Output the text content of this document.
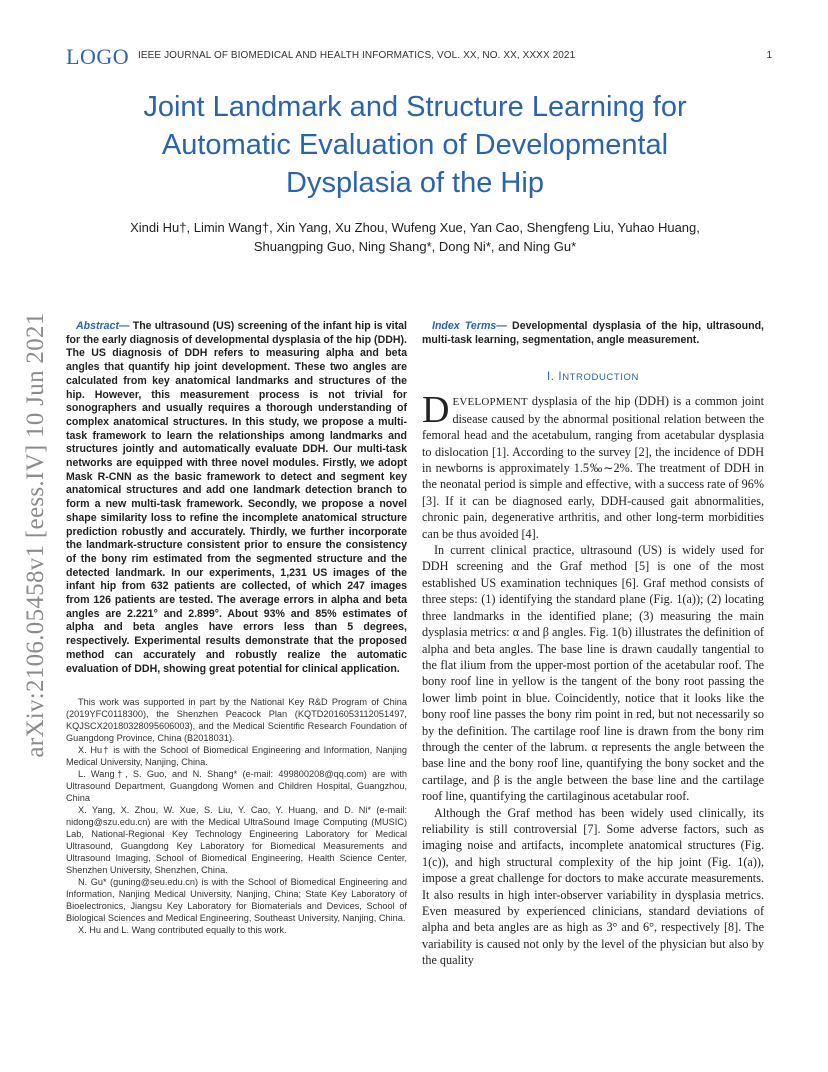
LOGO IEEE JOURNAL OF BIOMEDICAL AND HEALTH INFORMATICS, VOL. XX, NO. XX, XXXX 2021	1
Joint Landmark and Structure Learning for
Automatic Evaluation of Developmental
Dysplasia of the Hip
Xindi Hu†, Limin Wang†, Xin Yang, Xu Zhou, Wufeng Xue, Yan Cao, Shengfeng Liu, Yuhao Huang,
Shuangping Guo, Ning Shang*, Dong Ni*, and Ning Gu*
arXiv:2106.05458v1 [eess.IV] 10 Jun 2021	Abstract— The ultrasound (US) screening of the infant hip is vital for the early diagnosis of developmental dysplasia of the hip (DDH). The US diagnosis of DDH refers to measuring alpha and beta angles that quantify hip joint development. These two angles are calculated from key anatomical landmarks and structures of the hip. However, this measurement process is not trivial for sonographers and usually requires a thorough understanding of complex anatomical structures. In this study, we propose a multi-task framework to learn the relationships among landmarks and structures jointly and automatically evaluate DDH. Our multi-task networks are equipped with three novel modules. Firstly, we adopt Mask R-CNN as the basic framework to detect and segment key anatomical structures and add one landmark detection branch to form a new multi-task framework. Secondly, we propose a novel shape similarity loss to refine the incomplete anatomical structure prediction robustly and accurately. Thirdly, we further incorporate the landmark-structure consistent prior to ensure the consistency of the bony rim estimated from the segmented structure and the detected landmark. In our experiments, 1,231 US images of the infant hip from 632 patients are collected, of which 247 images from 126 patients are tested. The average errors in alpha and beta angles are 2.221° and 2.899°. About 93% and 85% estimates of alpha and beta angles have errors less than 5 degrees, respectively. Experimental results demonstrate that the proposed method can accurately and robustly realize the automatic evaluation of DDH, showing great potential for clinical application.

This work was supported in part by the National Key R&D Program of China (2019YFC0118300), the Shenzhen Peacock Plan (KQTD2016053112051497, KQJSCX20180328095606003), and the Medical Scientific Research Foundation of Guangdong Province, China (B2018031).

X. Hu† is with the School of Biomedical Engineering and Information, Nanjing Medical University, Nanjing, China.

L. Wang†, S. Guo, and N. Shang* (e-mail: 499800208@qq.com) are with Ultrasound Department, Guangdong Women and Children Hospital, Guangzhou, China

X. Yang, X. Zhou, W. Xue, S. Liu, Y. Cao, Y. Huang, and D. Ni* (e-mail: nidong@szu.edu.cn) are with the Medical UltraSound Image Computing (MUSIC) Lab, National-Regional Key Technology Engineering Laboratory for Medical Ultrasound, Guangdong Key Laboratory for Biomedical Measurements and Ultrasound Imaging, School of Biomedical Engineering, Health Science Center, Shenzhen University, Shenzhen, China.

N. Gu* (guning@seu.edu.cn) is with the School of Biomedical Engineering and Information, Nanjing Medical University, Nanjing, China; State Key Laboratory of Bioelectronics, Jiangsu Key Laboratory for Biomaterials and Devices, School of Biological Sciences and Medical Engineering, Southeast University, Nanjing, China.

X. Hu and L. Wang contributed equally to this work.

Index Terms— Developmental dysplasia of the hip, ultrasound, multi-task learning, segmentation, angle measurement.
I. INTRODUCTION

DEVELOPMENT dysplasia of the hip (DDH) is a common joint disease caused by the abnormal positional relation between the femoral head and the acetabulum, ranging from acetabular dysplasia to dislocation [1]. According to the survey [2], the incidence of DDH in newborns is approximately 1.5‰∼2%. The treatment of DDH in the neonatal period is simple and effective, with a success rate of 96% [3]. If it can be diagnosed early, DDH-caused gait abnormalities, chronic pain, degenerative arthritis, and other long-term morbidities can be thus avoided [4].

In current clinical practice, ultrasound (US) is widely used for DDH screening and the Graf method [5] is one of the most established US examination techniques [6]. Graf method consists of three steps: (1) identifying the standard plane (Fig. 1(a)); (2) locating three landmarks in the identified plane; (3) measuring the main dysplasia metrics: α and β angles. Fig. 1(b) illustrates the definition of alpha and beta angles. The base line is drawn caudally tangential to the flat ilium from the upper-most portion of the acetabular roof. The bony roof line in yellow is the tangent of the bony root passing the lower limb point in blue. Coincidently, notice that it looks like the bony roof line passes the bony rim point in red, but not necessarily so by the definition. The cartilage roof line is drawn from the bony rim through the center of the labrum. α represents the angle between the base line and the bony roof line, quantifying the bony socket and the cartilage, and β is the angle between the base line and the cartilage roof line, quantifying the cartilaginous acetabular roof.

Although the Graf method has been widely used clinically, its reliability is still controversial [7]. Some adverse factors, such as imaging noise and artifacts, incomplete anatomical structures (Fig. 1(c)), and high structural complexity of the hip joint (Fig. 1(a)), impose a great challenge for doctors to make accurate measurements. It also results in high inter-observer variability in dysplasia metrics. Even measured by experienced clinicians, standard deviations of alpha and beta angles are as high as 3° and 6°, respectively [8]. The variability is caused not only by the level of the physician but also by the quality
